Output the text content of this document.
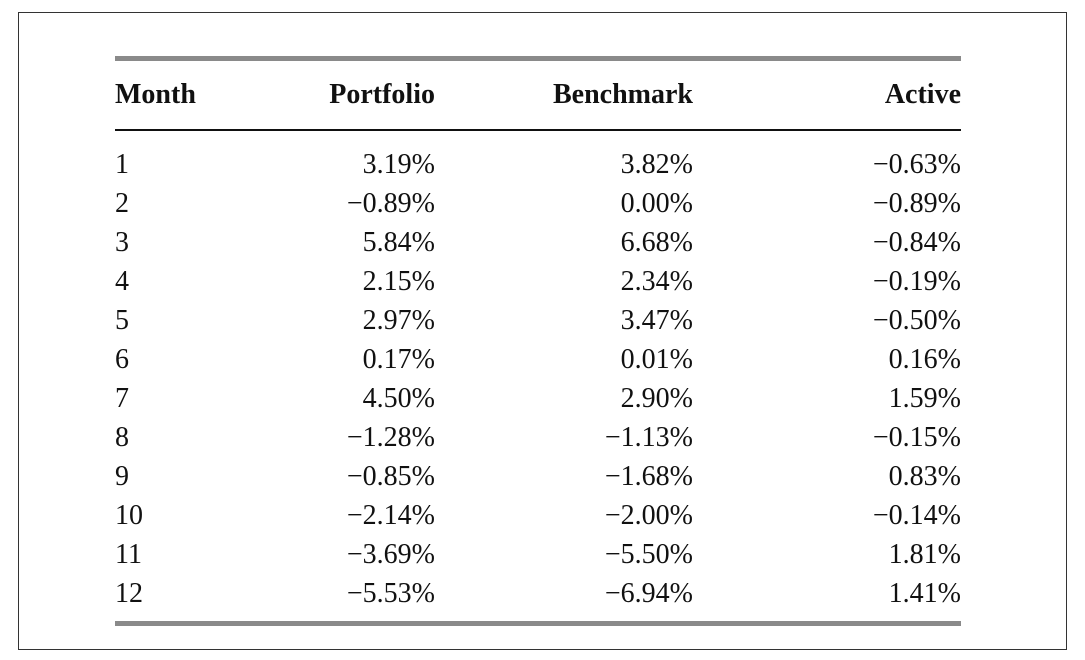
Month	Portfolio	Benchmark	Active
1	3.19%	3.82%	−0.63%
2	−0.89%	0.00%	−0.89%
3	5.84%	6.68%	−0.84%
4	2.15%	2.34%	−0.19%
5	2.97%	3.47%	−0.50%
6	0.17%	0.01%	0.16%
7	4.50%	2.90%	1.59%
8	−1.28%	−1.13%	−0.15%
9	−0.85%	−1.68%	0.83%
10	−2.14%	−2.00%	−0.14%
11	−3.69%	−5.50%	1.81%
12	−5.53%	−6.94%	1.41%
